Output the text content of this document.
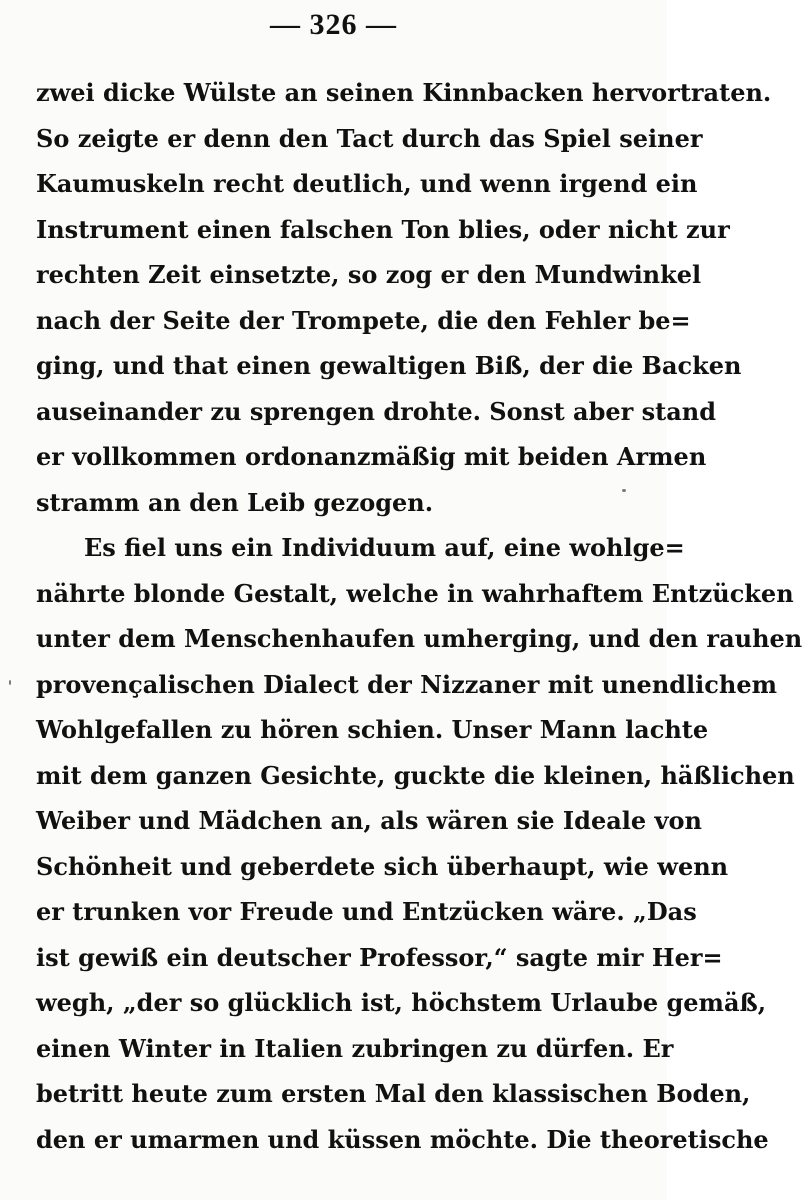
— 326 —
zwei dicke Wülste an seinen Kinnbacken hervortraten.
So zeigte er denn den Tact durch das Spiel seiner
Kaumuskeln recht deutlich, und wenn irgend ein
Instrument einen falschen Ton blies, oder nicht zur
rechten Zeit einsetzte, so zog er den Mundwinkel
nach der Seite der Trompete, die den Fehler be=
ging, und that einen gewaltigen Biß, der die Backen
auseinander zu sprengen drohte. Sonst aber stand
er vollkommen ordonanzmäßig mit beiden Armen
stramm an den Leib gezogen.
Es fiel uns ein Individuum auf, eine wohlge=
nährte blonde Gestalt, welche in wahrhaftem Entzücken
unter dem Menschenhaufen umherging, und den rauhen
provençalischen Dialect der Nizzaner mit unendlichem
Wohlgefallen zu hören schien. Unser Mann lachte
mit dem ganzen Gesichte, guckte die kleinen, häßlichen
Weiber und Mädchen an, als wären sie Ideale von
Schönheit und geberdete sich überhaupt, wie wenn
er trunken vor Freude und Entzücken wäre. „Das
ist gewiß ein deutscher Professor,“ sagte mir Her=
wegh, „der so glücklich ist, höchstem Urlaube gemäß,
einen Winter in Italien zubringen zu dürfen. Er
betritt heute zum ersten Mal den klassischen Boden,
den er umarmen und küssen möchte. Die theoretische
